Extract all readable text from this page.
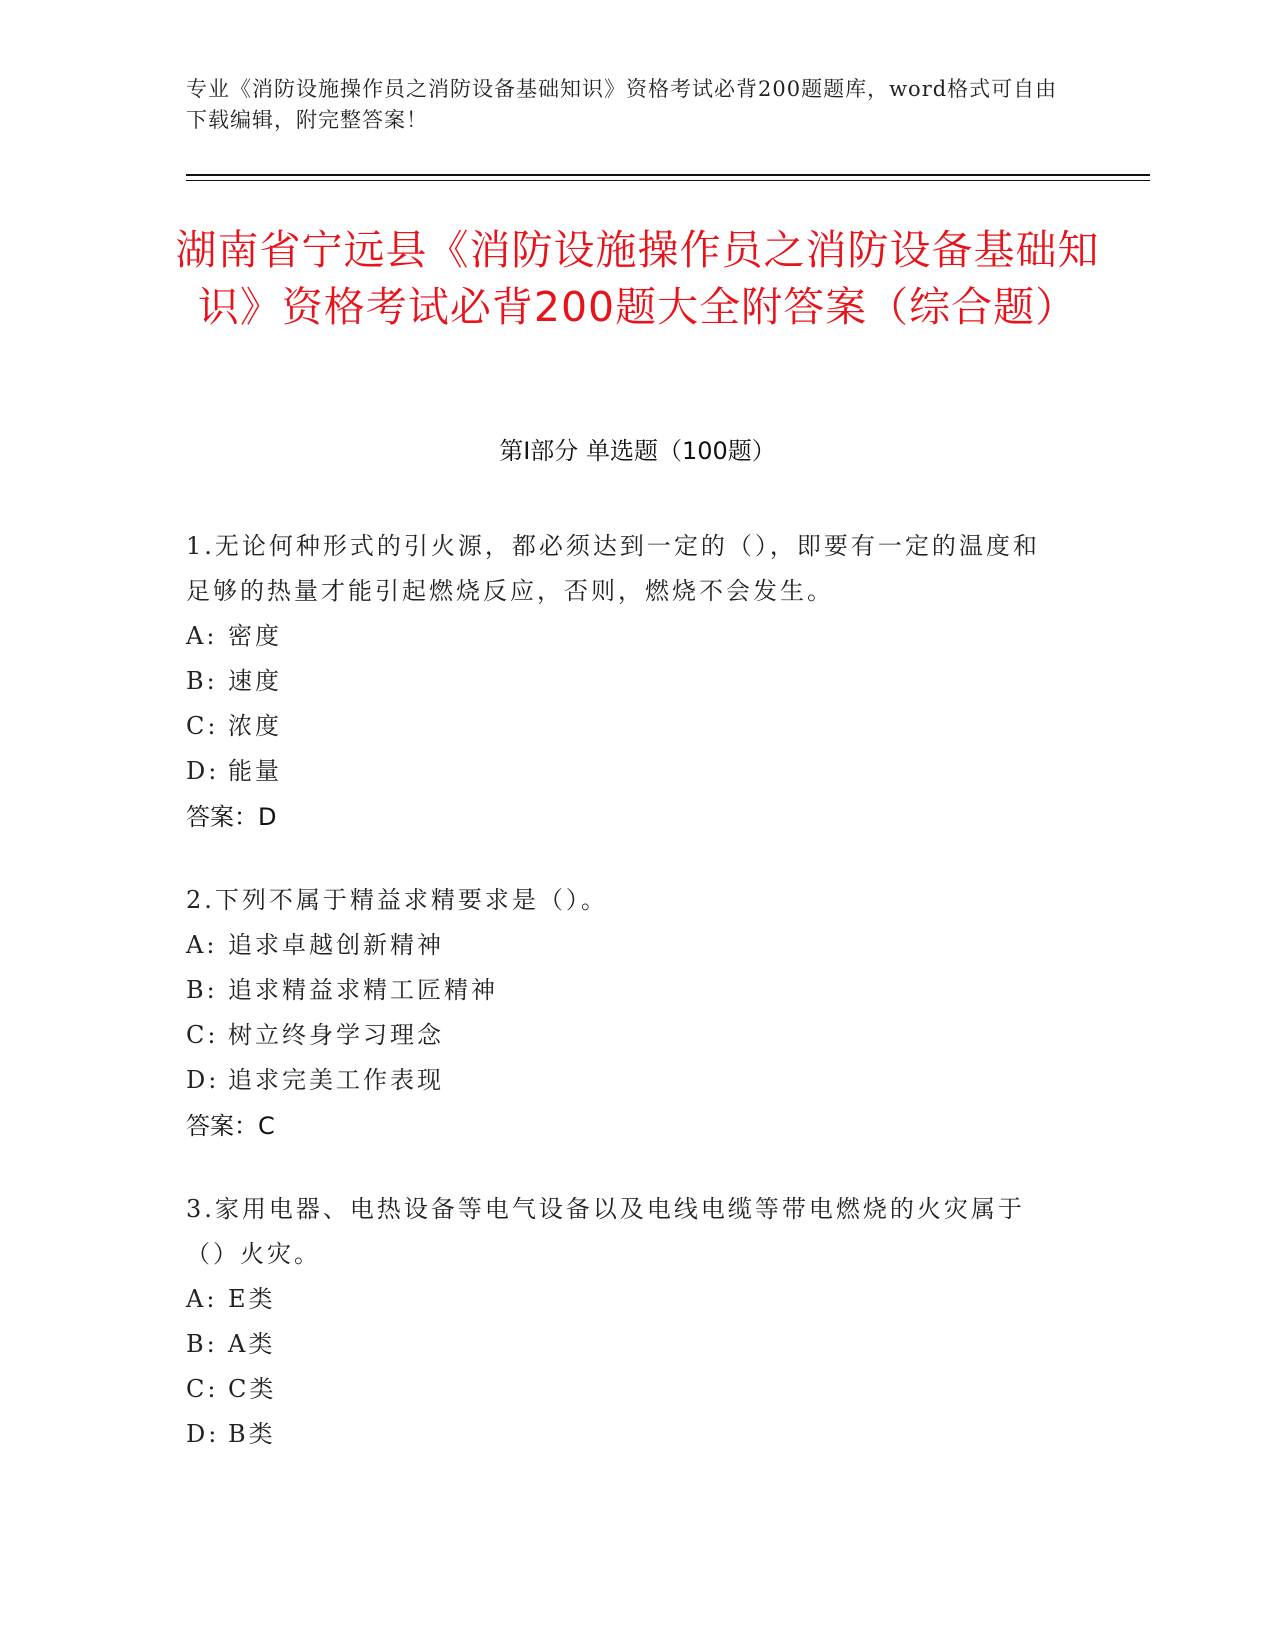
专业《消防设施操作员之消防设备基础知识》资格考试必背200题题库，word格式可自由下载编辑，附完整答案！
湖南省宁远县《消防设施操作员之消防设备基础知识》资格考试必背200题大全附答案（综合题）
第I部分 单选题（100题）
1.无论何种形式的引火源，都必须达到一定的（），即要有一定的温度和足够的热量才能引起燃烧反应，否则，燃烧不会发生。
A: 密度
B: 速度
C: 浓度
D: 能量
答案：D
2.下列不属于精益求精要求是（）。
A: 追求卓越创新精神
B: 追求精益求精工匠精神
C: 树立终身学习理念
D: 追求完美工作表现
答案：C
3.家用电器、电热设备等电气设备以及电线电缆等带电燃烧的火灾属于（）火灾。
A: E类
B: A类
C: C类
D: B类
